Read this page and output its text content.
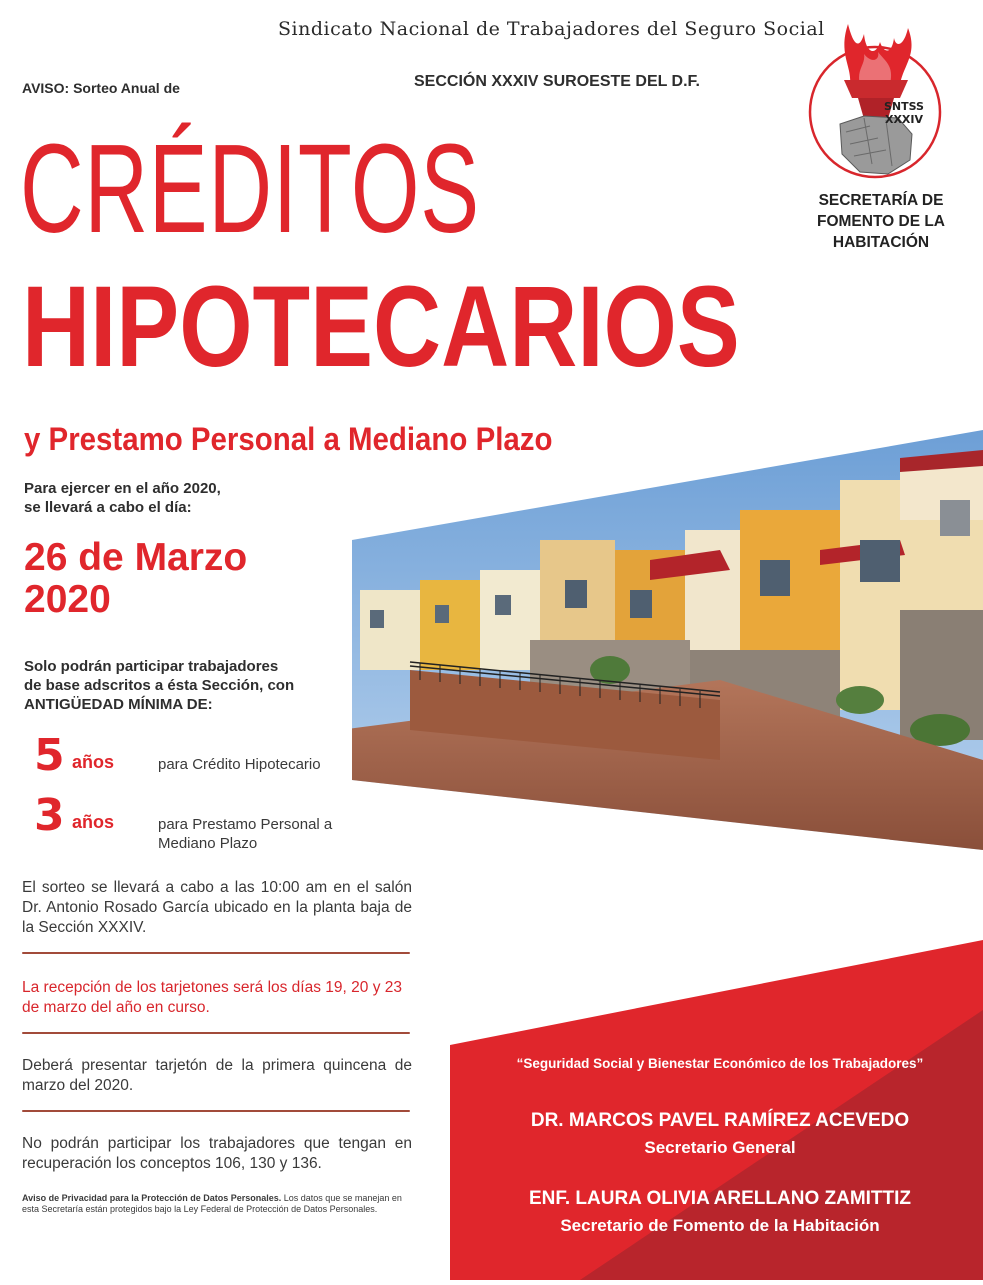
Sindicato Nacional de Trabajadores del Seguro Social
SECCIÓN XXXIV SUROESTE DEL D.F.
AVISO: Sorteo Anual de
SNTSS
XXXIV
SECRETARÍA DE
FOMENTO DE LA
HABITACIÓN
CRÉDITOS
HIPOTECARIOS
y Prestamo Personal a Mediano Plazo
Para ejercer en el año 2020,
se llevará a cabo el día:
26 de Marzo
2020
Solo podrán participar trabajadores
de base adscritos a ésta Sección, con
ANTIGÜEDAD MÍNIMA DE:
5 años	para Crédito Hipotecario
3 años	para Prestamo Personal a Mediano Plazo
El sorteo se llevará a cabo a las 10:00 am en el salón Dr. Antonio Rosado García ubicado en la planta baja de la Sección XXXIV.
La recepción de los tarjetones será los días 19, 20 y 23 de marzo del año en curso.
Deberá presentar tarjetón de la primera quincena de marzo del 2020.
No podrán participar los trabajadores que tengan en recuperación los conceptos 106, 130 y 136.
Aviso de Privacidad para la Protección de Datos Personales. Los datos que se manejan en esta Secretaría están protegidos bajo la Ley Federal de Protección de Datos Personales.
“Seguridad Social y Bienestar Económico de los Trabajadores”
DR. MARCOS PAVEL RAMÍREZ ACEVEDO
Secretario General
ENF. LAURA OLIVIA ARELLANO ZAMITTIZ
Secretario de Fomento de la Habitación
